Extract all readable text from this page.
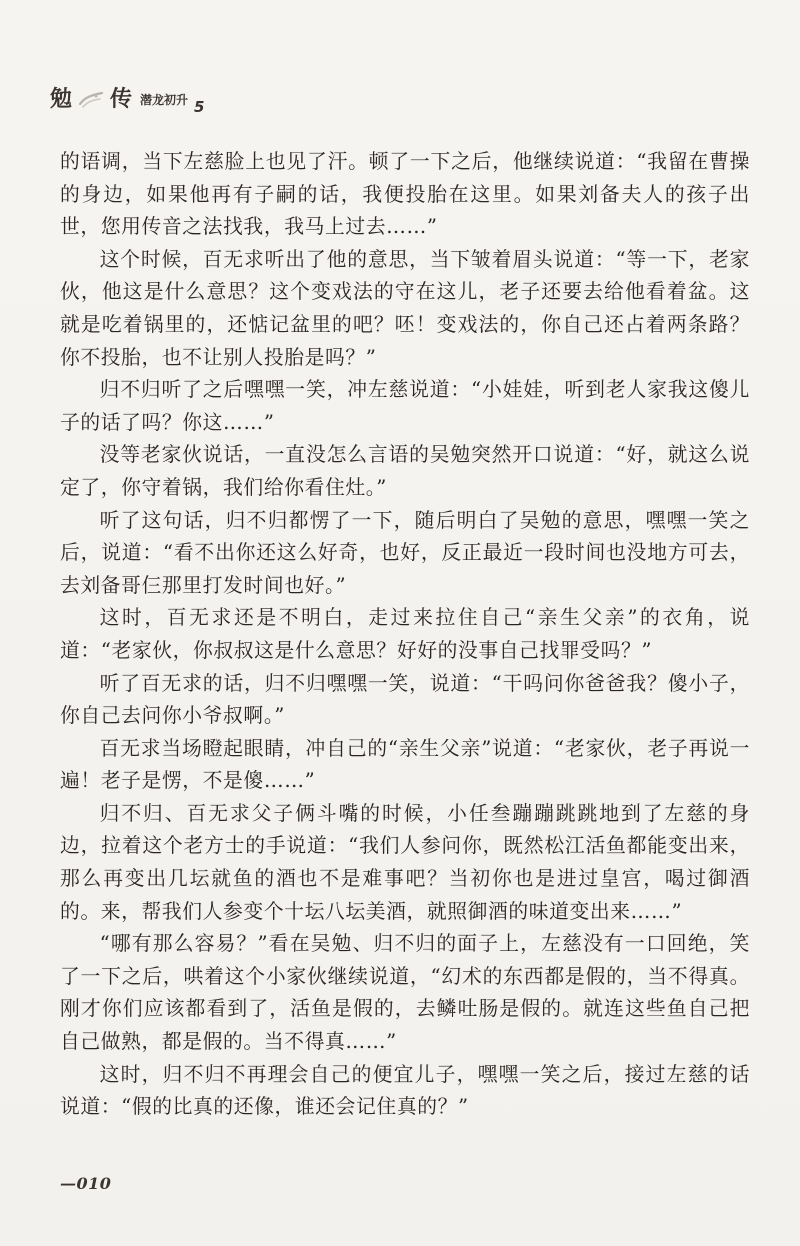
勉 传 潜龙初升 5

的语调，当下左慈脸上也见了汗。顿了一下之后，他继续说道：“我留在曹操的身边，如果他再有子嗣的话，我便投胎在这里。如果刘备夫人的孩子出世，您用传音之法找我，我马上过去……”

这个时候，百无求听出了他的意思，当下皱着眉头说道：“等一下，老家伙，他这是什么意思？这个变戏法的守在这儿，老子还要去给他看着盆。这就是吃着锅里的，还惦记盆里的吧？呸！变戏法的，你自己还占着两条路？你不投胎，也不让别人投胎是吗？”

归不归听了之后嘿嘿一笑，冲左慈说道：“小娃娃，听到老人家我这傻儿子的话了吗？你这……”

没等老家伙说话，一直没怎么言语的吴勉突然开口说道：“好，就这么说定了，你守着锅，我们给你看住灶。”

听了这句话，归不归都愣了一下，随后明白了吴勉的意思，嘿嘿一笑之后，说道：“看不出你还这么好奇，也好，反正最近一段时间也没地方可去，去刘备哥仨那里打发时间也好。”

这时，百无求还是不明白，走过来拉住自己“亲生父亲”的衣角，说道：“老家伙，你叔叔这是什么意思？好好的没事自己找罪受吗？”

听了百无求的话，归不归嘿嘿一笑，说道：“干吗问你爸爸我？傻小子，你自己去问你小爷叔啊。”

百无求当场瞪起眼睛，冲自己的“亲生父亲”说道：“老家伙，老子再说一遍！老子是愣，不是傻……”

归不归、百无求父子俩斗嘴的时候，小任叁蹦蹦跳跳地到了左慈的身边，拉着这个老方士的手说道：“我们人参问你，既然松江活鱼都能变出来，那么再变出几坛就鱼的酒也不是难事吧？当初你也是进过皇宫，喝过御酒的。来，帮我们人参变个十坛八坛美酒，就照御酒的味道变出来……”

“哪有那么容易？”看在吴勉、归不归的面子上，左慈没有一口回绝，笑了一下之后，哄着这个小家伙继续说道，“幻术的东西都是假的，当不得真。刚才你们应该都看到了，活鱼是假的，去鳞吐肠是假的。就连这些鱼自己把自己做熟，都是假的。当不得真……”

这时，归不归不再理会自己的便宜儿子，嘿嘿一笑之后，接过左慈的话说道：“假的比真的还像，谁还会记住真的？”

—010
